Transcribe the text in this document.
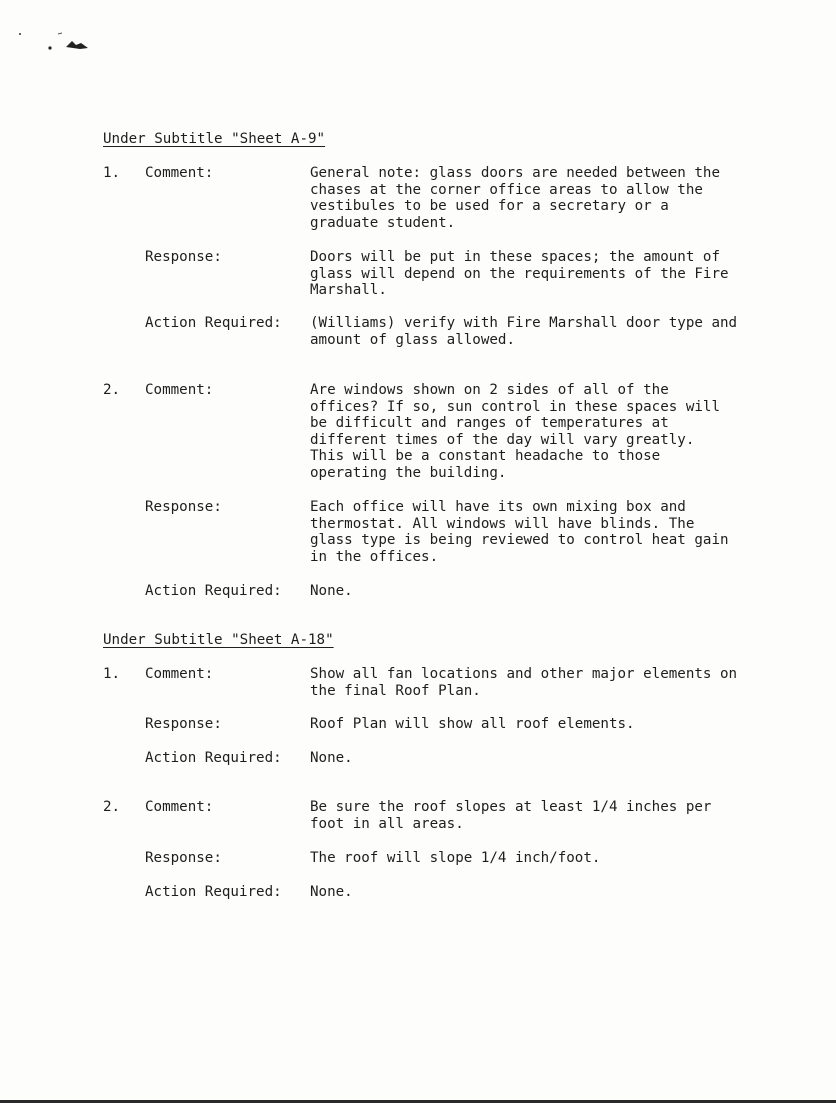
Under Subtitle "Sheet A-9"
1. Comment:	General note: glass doors are needed between the
chases at the corner office areas to allow the
vestibules to be used for a secretary or a
graduate student.
Response:	Doors will be put in these spaces; the amount of
glass will depend on the requirements of the Fire
Marshall.
Action Required: (Williams) verify with Fire Marshall door type and
amount of glass allowed.
2. Comment:	Are windows shown on 2 sides of all of the
offices? If so, sun control in these spaces will
be difficult and ranges of temperatures at
different times of the day will vary greatly.
This will be a constant headache to those
operating the building.
Response:	Each office will have its own mixing box and
thermostat. All windows will have blinds. The
glass type is being reviewed to control heat gain
in the offices.
Action Required: None.
Under Subtitle "Sheet A-18"
1. Comment:	Show all fan locations and other major elements on
the final Roof Plan.
Response:	Roof Plan will show all roof elements.
Action Required: None.
2. Comment:	Be sure the roof slopes at least 1/4 inches per
foot in all areas.
Response:	The roof will slope 1/4 inch/foot.
Action Required: None.
